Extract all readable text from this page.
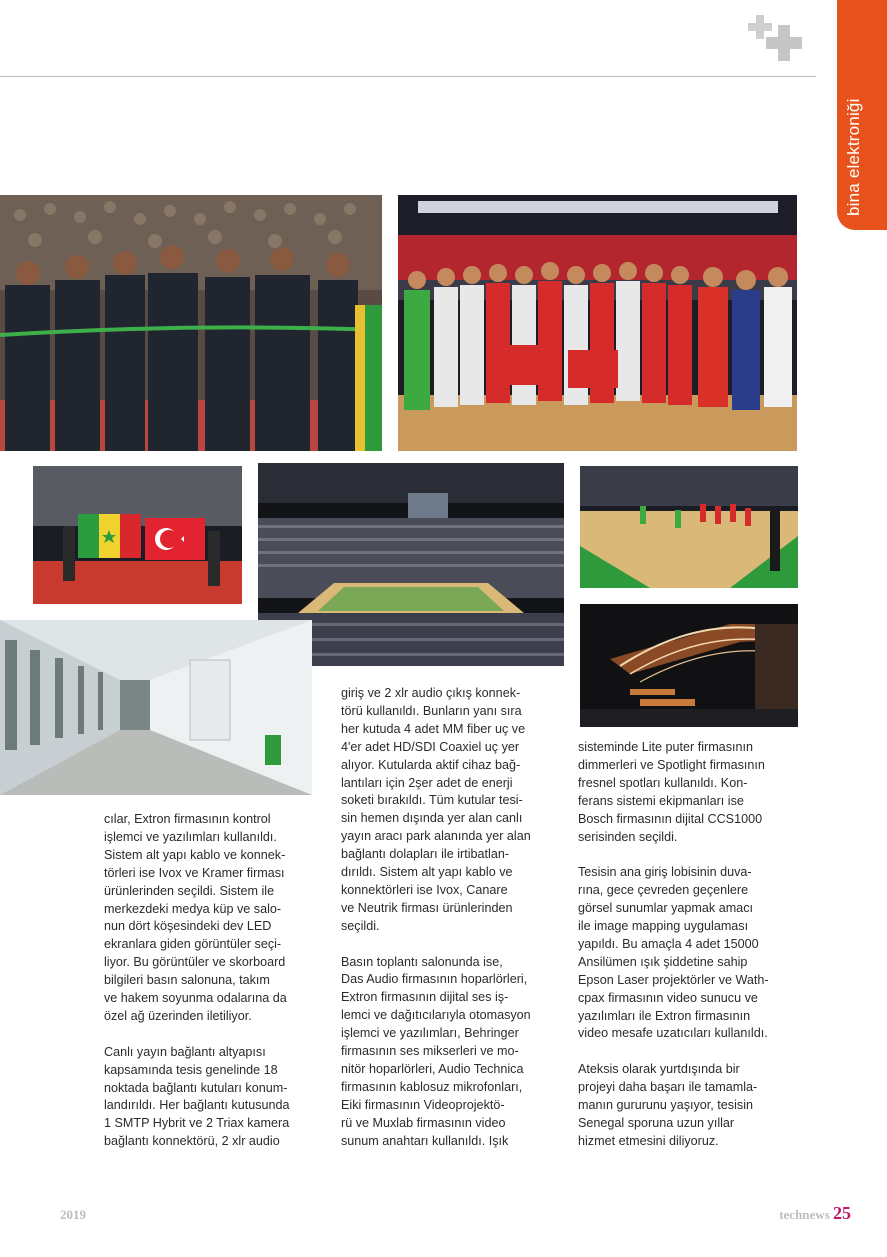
bina elektroniği

cılar, Extron firmasının kontrol
işlemci ve yazılımları kullanıldı.
Sistem alt yapı kablo ve konnek-
törleri ise Ivox ve Kramer firması
ürünlerinden seçildi. Sistem ile
merkezdeki medya küp ve salo-
nun dört köşesindeki dev LED
ekranlara giden görüntüler seçi-
liyor. Bu görüntüler ve skorboard
bilgileri basın salonuna, takım
ve hakem soyunma odalarına da
özel ağ üzerinden iletiliyor.

Canlı yayın bağlantı altyapısı
kapsamında tesis genelinde 18
noktada bağlantı kutuları konum-
landırıldı. Her bağlantı kutusunda
1 SMTP Hybrit ve 2 Triax kamera
bağlantı konnektörü, 2 xlr audio

giriş ve 2 xlr audio çıkış konnek-
törü kullanıldı. Bunların yanı sıra
her kutuda 4 adet MM fiber uç ve
4'er adet HD/SDI Coaxiel uç yer
alıyor. Kutularda aktif cihaz bağ-
lantıları için 2şer adet de enerji
soketi bırakıldı. Tüm kutular tesi-
sin hemen dışında yer alan canlı
yayın aracı park alanında yer alan
bağlantı dolapları ile irtibatlan-
dırıldı. Sistem alt yapı kablo ve
konnektörleri ise Ivox, Canare
ve Neutrik firması ürünlerinden
seçildi.

Basın toplantı salonunda ise,
Das Audio firmasının hoparlörleri,
Extron firmasının dijital ses iş-
lemci ve dağıtıcılarıyla otomasyon
işlemci ve yazılımları, Behringer
firmasının ses mikserleri ve mo-
nitör hoparlörleri, Audio Technica
firmasının kablosuz mikrofonları,
Eiki firmasının Videoprojektö-
rü ve Muxlab firmasının video
sunum anahtarı kullanıldı. Işık

sisteminde Lite puter firmasının
dimmerleri ve Spotlight firmasının
fresnel spotları kullanıldı. Kon-
ferans sistemi ekipmanları ise
Bosch firmasının dijital CCS1000
serisinden seçildi.

Tesisin ana giriş lobisinin duva-
rına, gece çevreden geçenlere
görsel sunumlar yapmak amacı
ile image mapping uygulaması
yapıldı. Bu amaçla 4 adet 15000
Ansilümen ışık şiddetine sahip
Epson Laser projektörler ve Wath-
cpax firmasının video sunucu ve
yazılımları ile Extron firmasının
video mesafe uzatıcıları kullanıldı.

Ateksis olarak yurtdışında bir
projeyi daha başarı ile tamamla-
manın gururunu yaşıyor, tesisin
Senegal sporuna uzun yıllar
hizmet etmesini diliyoruz.

2019	technews 25
